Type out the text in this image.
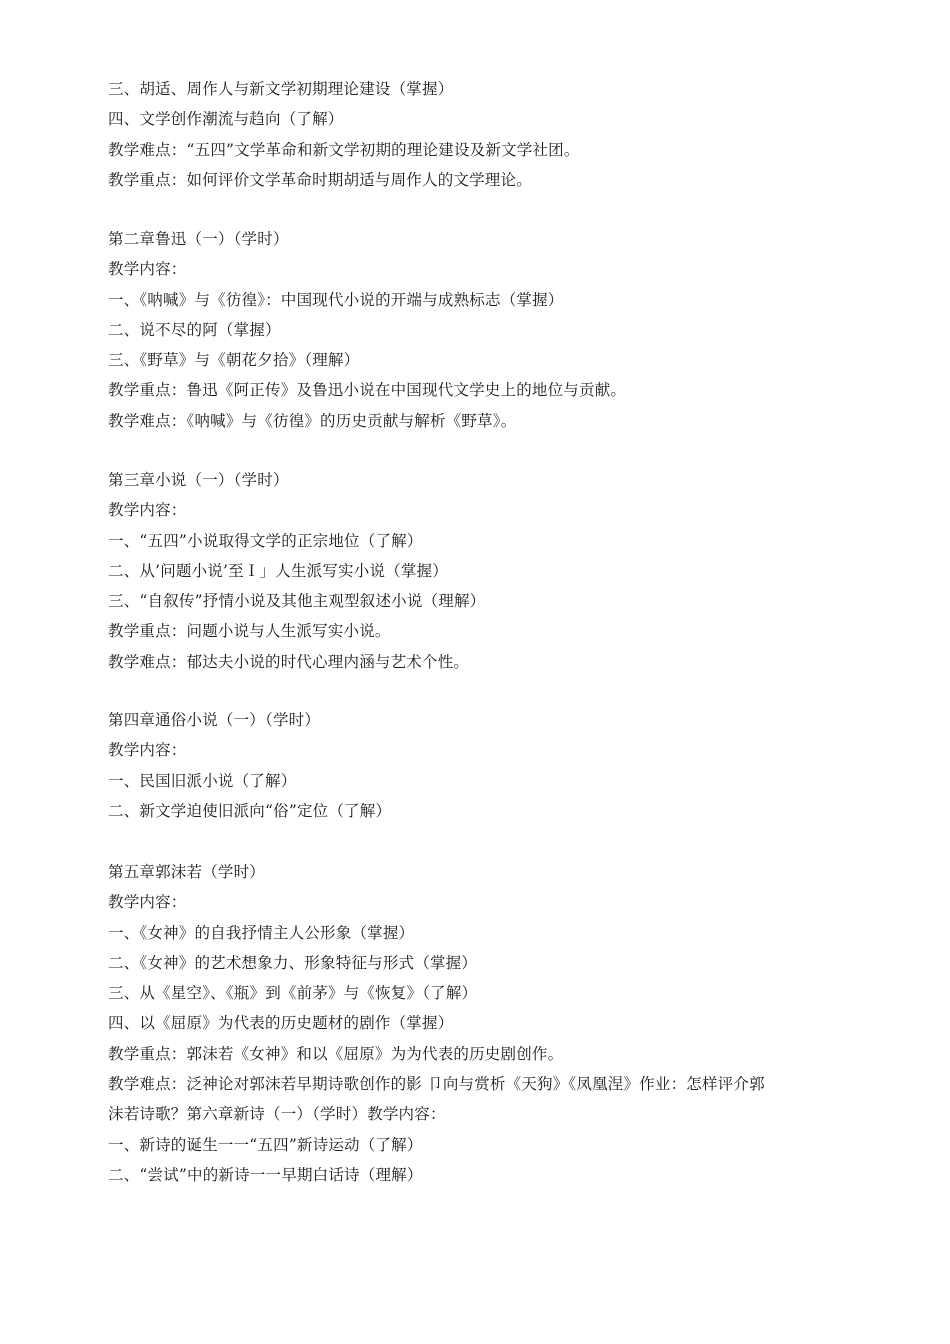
三、胡适、周作人与新文学初期理论建设（掌握）
四、文学创作潮流与趋向（了解）
教学难点：“五四”文学革命和新文学初期的理论建设及新文学社团。
教学重点：如何评价文学革命时期胡适与周作人的文学理论。
第二章鲁迅（一）（学时）
教学内容：
一、《呐喊》与《彷徨》：中国现代小说的开端与成熟标志（掌握）
二、说不尽的阿（掌握）
三、《野草》与《朝花夕拾》（理解）
教学重点：鲁迅《阿正传》及鲁迅小说在中国现代文学史上的地位与贡献。
教学难点：《呐喊》与《彷徨》的历史贡献与解析《野草》。
第三章小说（一）（学时）
教学内容：
一、“五四”小说取得文学的正宗地位（了解）
二、从’问题小说’至Ｉ」人生派写实小说（掌握）
三、“自叙传”抒情小说及其他主观型叙述小说（理解）
教学重点：问题小说与人生派写实小说。
教学难点：郁达夫小说的时代心理内涵与艺术个性。
第四章通俗小说（一）（学时）
教学内容：
一、民国旧派小说（了解）
二、新文学迫使旧派向“俗”定位（了解）
第五章郭沫若（学时）
教学内容：
一、《女神》的自我抒情主人公形象（掌握）
二、《女神》的艺术想象力、形象特征与形式（掌握）
三、从《星空》、《瓶》到《前茅》与《恢复》（了解）
四、以《屈原》为代表的历史题材的剧作（掌握）
教学重点：郭沫若《女神》和以《屈原》为为代表的历史剧创作。
教学难点：泛神论对郭沫若早期诗歌创作的影 卩向与赏析《天狗》《凤凰涅》作业：怎样评介郭
沫若诗歌？第六章新诗（一）（学时）教学内容：
一、新诗的诞生一一“五四”新诗运动（了解）
二、“尝试”中的新诗一一早期白话诗（理解）
